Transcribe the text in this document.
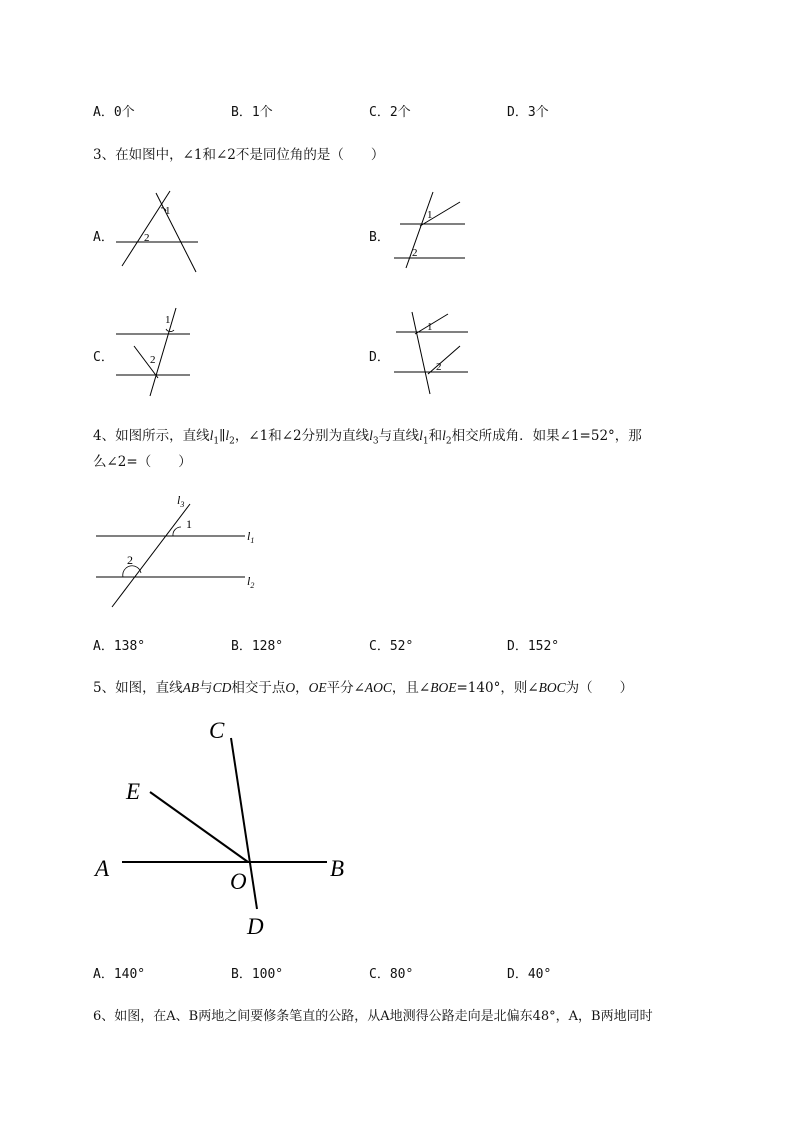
A．0个	B．1个	C．2个	D．3个
3、在如图中，∠1和∠2不是同位角的是（　　）
A．
1
2	B．
1
2
C．
1
2	D．
1
2
4、如图所示，直线$l_1\parallel l_2$，∠1和∠2分别为直线$l_3$与直线$l_1$和$l_2$相交所成角．如果∠1=52°，那
么∠2=（　　）
1
2
$l_3$
$l_1$
$l_2$
A．138°	B．128°	C．52°	D．152°
5、如图，直线AB与CD相交于点O，OE平分∠AOC，且∠BOE=140°，则∠BOC为（　　）
C
E
A
O
B
D
A．140°	B．100°	C．80°	D．40°
6、如图，在A、B两地之间要修条笔直的公路，从A地测得公路走向是北偏东48°，A，B两地同时
